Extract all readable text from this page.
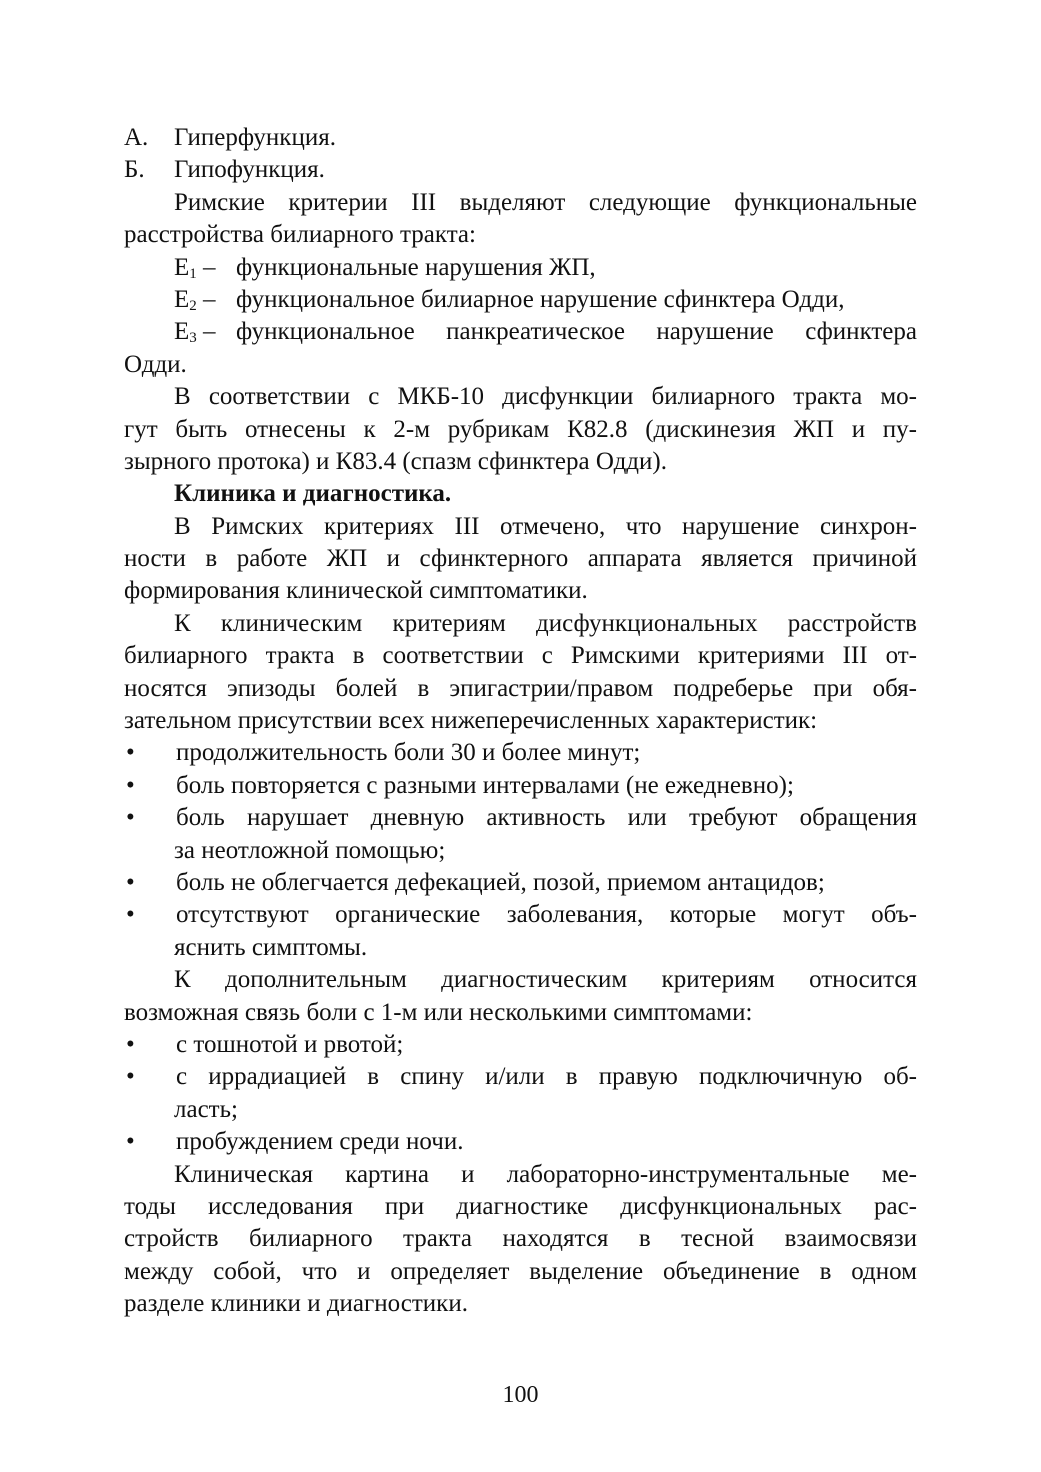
А.	Гиперфункция.
Б.	Гипофункция.
Римские критерии III выделяют следующие функциональные
расстройства билиарного тракта:
$E_1$ – функциональные нарушения ЖП,
$E_2$ – функциональное билиарное нарушение сфинктера Одди,
$E_3$ – функциональное панкреатическое нарушение сфинктера
Одди.
В соответствии с МКБ-10 дисфункции билиарного тракта мо-
гут быть отнесены к 2-м рубрикам К82.8 (дискинезия ЖП и пу-
зырного протока) и К83.4 (спазм сфинктера Одди).
Клиника и диагностика.
В Римских критериях III отмечено, что нарушение синхрон-
ности в работе ЖП и сфинктерного аппарата является причиной
формирования клинической симптоматики.
К клиническим критериям дисфункциональных расстройств
билиарного тракта в соответствии с Римскими критериями III от-
носятся эпизоды болей в эпигастрии/правом подреберье при обя-
зательном присутствии всех нижеперечисленных характеристик:
•	продолжительность боли 30 и более минут;
•	боль повторяется с разными интервалами (не ежедневно);
•	боль нарушает дневную активность или требуют обращения
за неотложной помощью;
•	боль не облегчается дефекацией, позой, приемом антацидов;
•	отсутствуют органические заболевания, которые могут объ-
яснить симптомы.
К дополнительным диагностическим критериям относится
возможная связь боли с 1-м или несколькими симптомами:
•	с тошнотой и рвотой;
•	с иррадиацией в спину и/или в правую подключичную об-
ласть;
•	пробуждением среди ночи.
Клиническая картина и лабораторно-инструментальные ме-
тоды исследования при диагностике дисфункциональных рас-
стройств билиарного тракта находятся в тесной взаимосвязи
между собой, что и определяет выделение объединение в одном
разделе клиники и диагностики.
100
